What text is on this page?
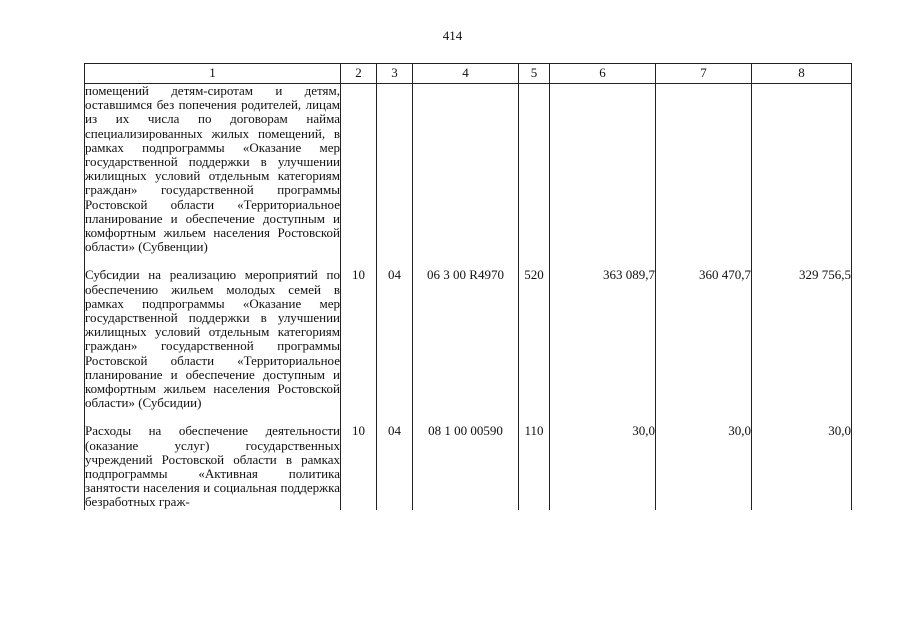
414
1	2	3	4	5	6	7	8
помещений детям-сиротам и детям, оставшимся без попечения родителей, лицам из их числа по договорам найма специализированных жилых помещений, в рамках подпрограммы «Оказание мер государственной поддержки в улучшении жилищных условий отдельным категориям граждан» государственной программы Ростовской области «Территориальное планирование и обеспечение доступным и комфортным жильем населения Ростовской области» (Субвенции)							

Субсидии на реализацию мероприятий по обеспечению жильем молодых семей в рамках подпрограммы «Оказание мер государственной поддержки в улучшении жилищных условий отдельным категориям граждан» государственной программы Ростовской области «Территориальное планирование и обеспечение доступным и комфортным жильем населения Ростовской области» (Субсидии)	10	04	06 3 00 R4970	520	363 089,7	360 470,7	329 756,5

Расходы на обеспечение деятельности (оказание услуг) государственных учреждений Ростовской области в рамках подпрограммы «Активная политика занятости населения и социальная поддержка безработных граж-	10	04	08 1 00 00590	110	30,0	30,0	30,0
